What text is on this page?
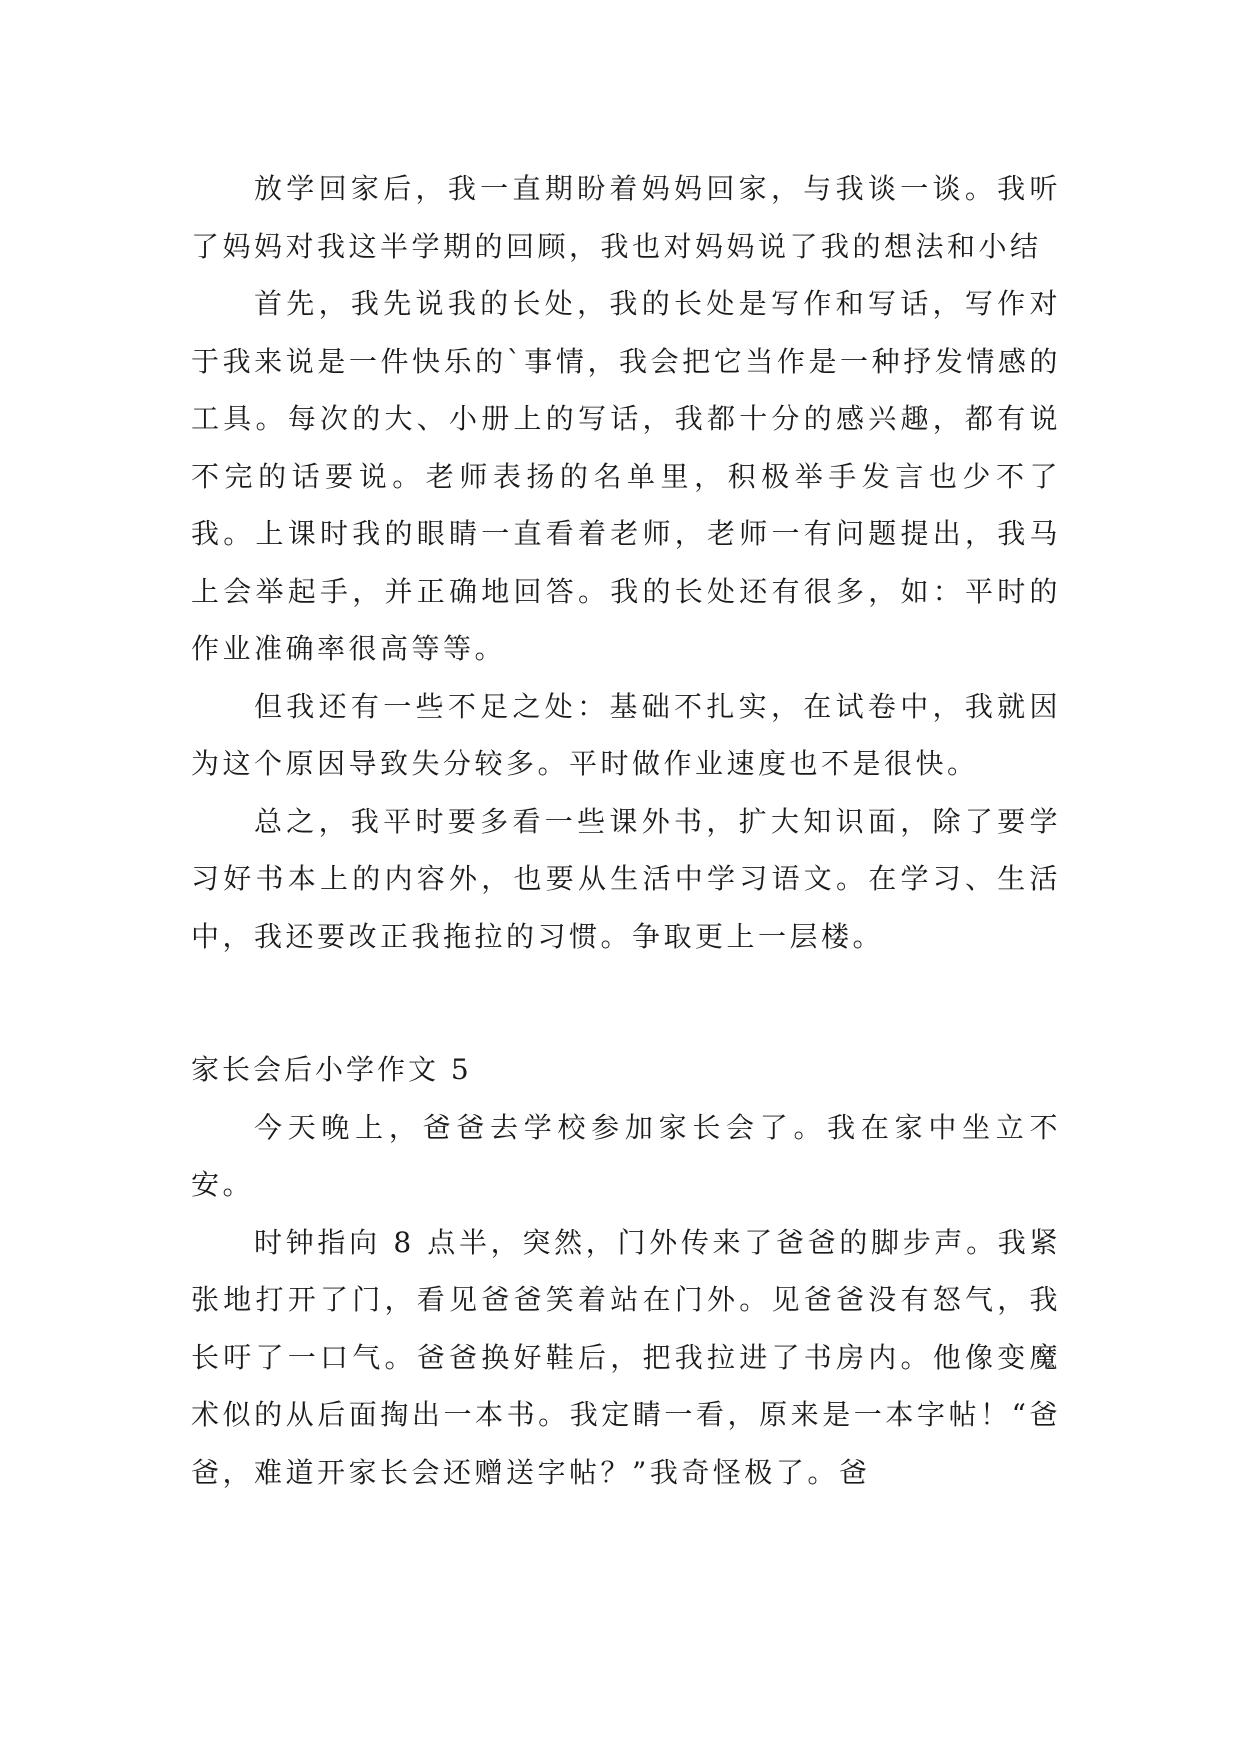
放学回家后，我一直期盼着妈妈回家，与我谈一谈。我听了妈妈对我这半学期的回顾，我也对妈妈说了我的想法和小结

首先，我先说我的长处，我的长处是写作和写话，写作对于我来说是一件快乐的`事情，我会把它当作是一种抒发情感的工具。每次的大、小册上的写话，我都十分的感兴趣，都有说不完的话要说。老师表扬的名单里，积极举手发言也少不了我。上课时我的眼睛一直看着老师，老师一有问题提出，我马上会举起手，并正确地回答。我的长处还有很多，如：平时的作业准确率很高等等。

但我还有一些不足之处：基础不扎实，在试卷中，我就因为这个原因导致失分较多。平时做作业速度也不是很快。

总之，我平时要多看一些课外书，扩大知识面，除了要学习好书本上的内容外，也要从生活中学习语文。在学习、生活中，我还要改正我拖拉的习惯。争取更上一层楼。

家长会后小学作文 5

今天晚上，爸爸去学校参加家长会了。我在家中坐立不安。

时钟指向 8 点半，突然，门外传来了爸爸的脚步声。我紧张地打开了门，看见爸爸笑着站在门外。见爸爸没有怒气，我长吁了一口气。爸爸换好鞋后，把我拉进了书房内。他像变魔术似的从后面掏出一本书。我定睛一看，原来是一本字帖！“爸爸，难道开家长会还赠送字帖？”我奇怪极了。爸
